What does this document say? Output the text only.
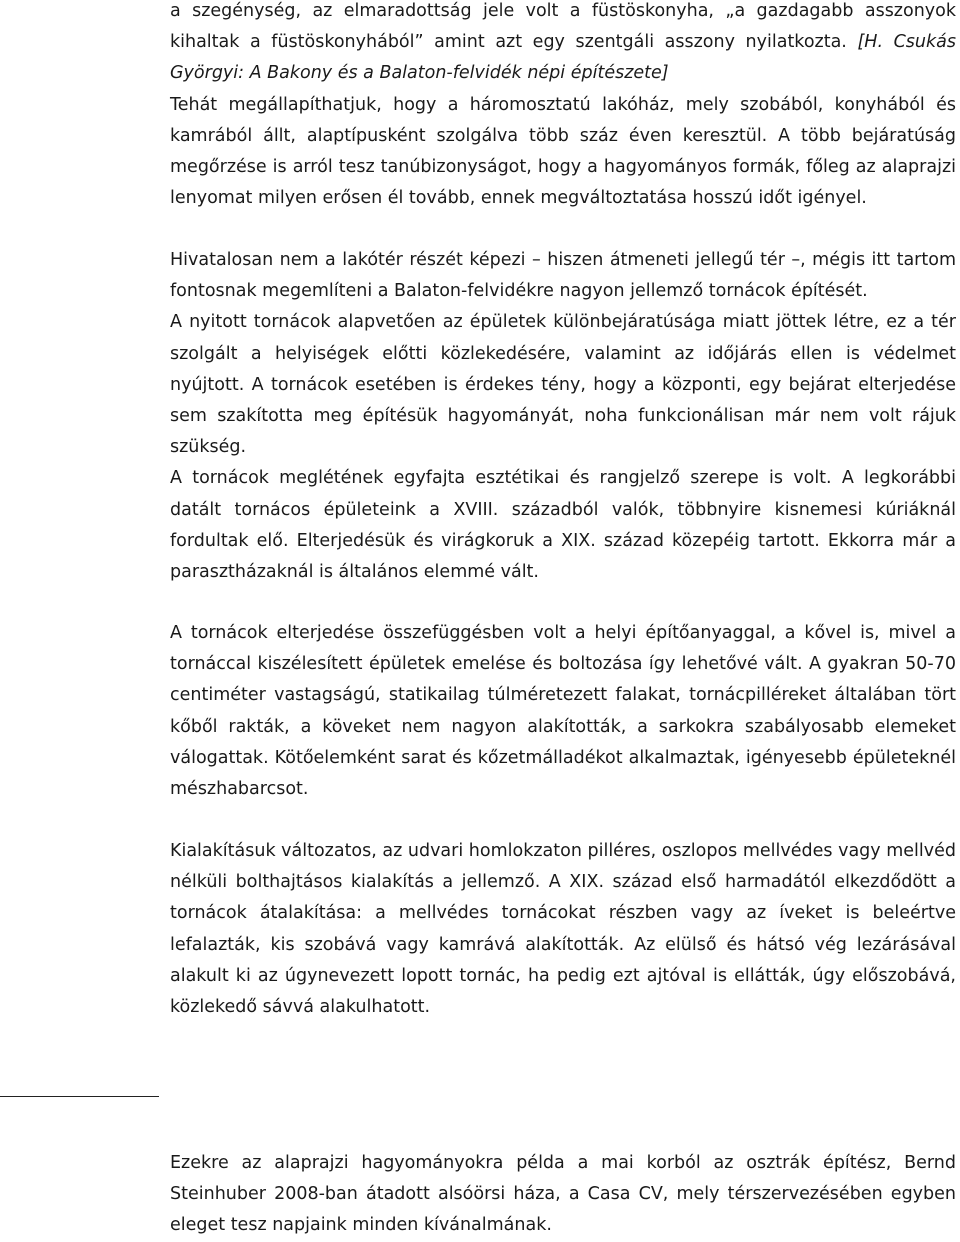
a szegénység, az elmaradottság jele volt a füstöskonyha, „a gazdagabb asszonyok kihaltak a füstöskonyhából” amint azt egy szentgáli asszony nyilatkozta. [H. Csukás Györgyi: A Bakony és a Balaton-felvidék népi építészete]

Tehát megállapíthatjuk, hogy a háromosztatú lakóház, mely szobából, konyhából és kamrából állt, alaptípusként szolgálva több száz éven keresztül. A több bejáratúság megőrzése is arról tesz tanúbizonyságot, hogy a hagyományos formák, főleg az alaprajzi lenyomat milyen erősen él tovább, ennek megváltoztatása hosszú időt igényel.

Hivatalosan nem a lakótér részét képezi – hiszen átmeneti jellegű tér –, mégis itt tartom fontosnak megemlíteni a Balaton-felvidékre nagyon jellemző tornácok építését.

A nyitott tornácok alapvetően az épületek különbejáratúsága miatt jöttek létre, ez a tér szolgált a helyiségek előtti közlekedésére, valamint az időjárás ellen is védelmet nyújtott. A tornácok esetében is érdekes tény, hogy a központi, egy bejárat elterjedése sem szakította meg építésük hagyományát, noha funkcionálisan már nem volt rájuk szükség.

A tornácok meglétének egyfajta esztétikai és rangjelző szerepe is volt. A legkorábbi datált tornácos épületeink a XVIII. századból valók, többnyire kisnemesi kúriáknál fordultak elő. Elterjedésük és virágkoruk a XIX. század közepéig tartott. Ekkorra már a parasztházaknál is általános elemmé vált.

A tornácok elterjedése összefüggésben volt a helyi építőanyaggal, a kővel is, mivel a tornáccal kiszélesített épületek emelése és boltozása így lehetővé vált. A gyakran 50-70 centiméter vastagságú, statikailag túlméretezett falakat, tornácpilléreket általában tört kőből rakták, a köveket nem nagyon alakították, a sarkokra szabályosabb elemeket válogattak. Kötőelemként sarat és kőzetmálladékot alkalmaztak, igényesebb épületeknél mészhabarcsot.

Kialakításuk változatos, az udvari homlokzaton pilléres, oszlopos mellvédes vagy mellvéd nélküli bolthajtásos kialakítás a jellemző. A XIX. század első harmadától elkezdődött a tornácok átalakítása: a mellvédes tornácokat részben vagy az íveket is beleértve lefalazták, kis szobává vagy kamrává alakították. Az elülső és hátsó vég lezárásával alakult ki az úgynevezett lopott tornác, ha pedig ezt ajtóval is ellátták, úgy előszobává, közlekedő sávvá alakulhatott.

Ezekre az alaprajzi hagyományokra példa a mai korból az osztrák építész, Bernd Steinhuber 2008-ban átadott alsóörsi háza, a Casa CV, mely térszervezésében egyben eleget tesz napjaink minden kívánalmának.
